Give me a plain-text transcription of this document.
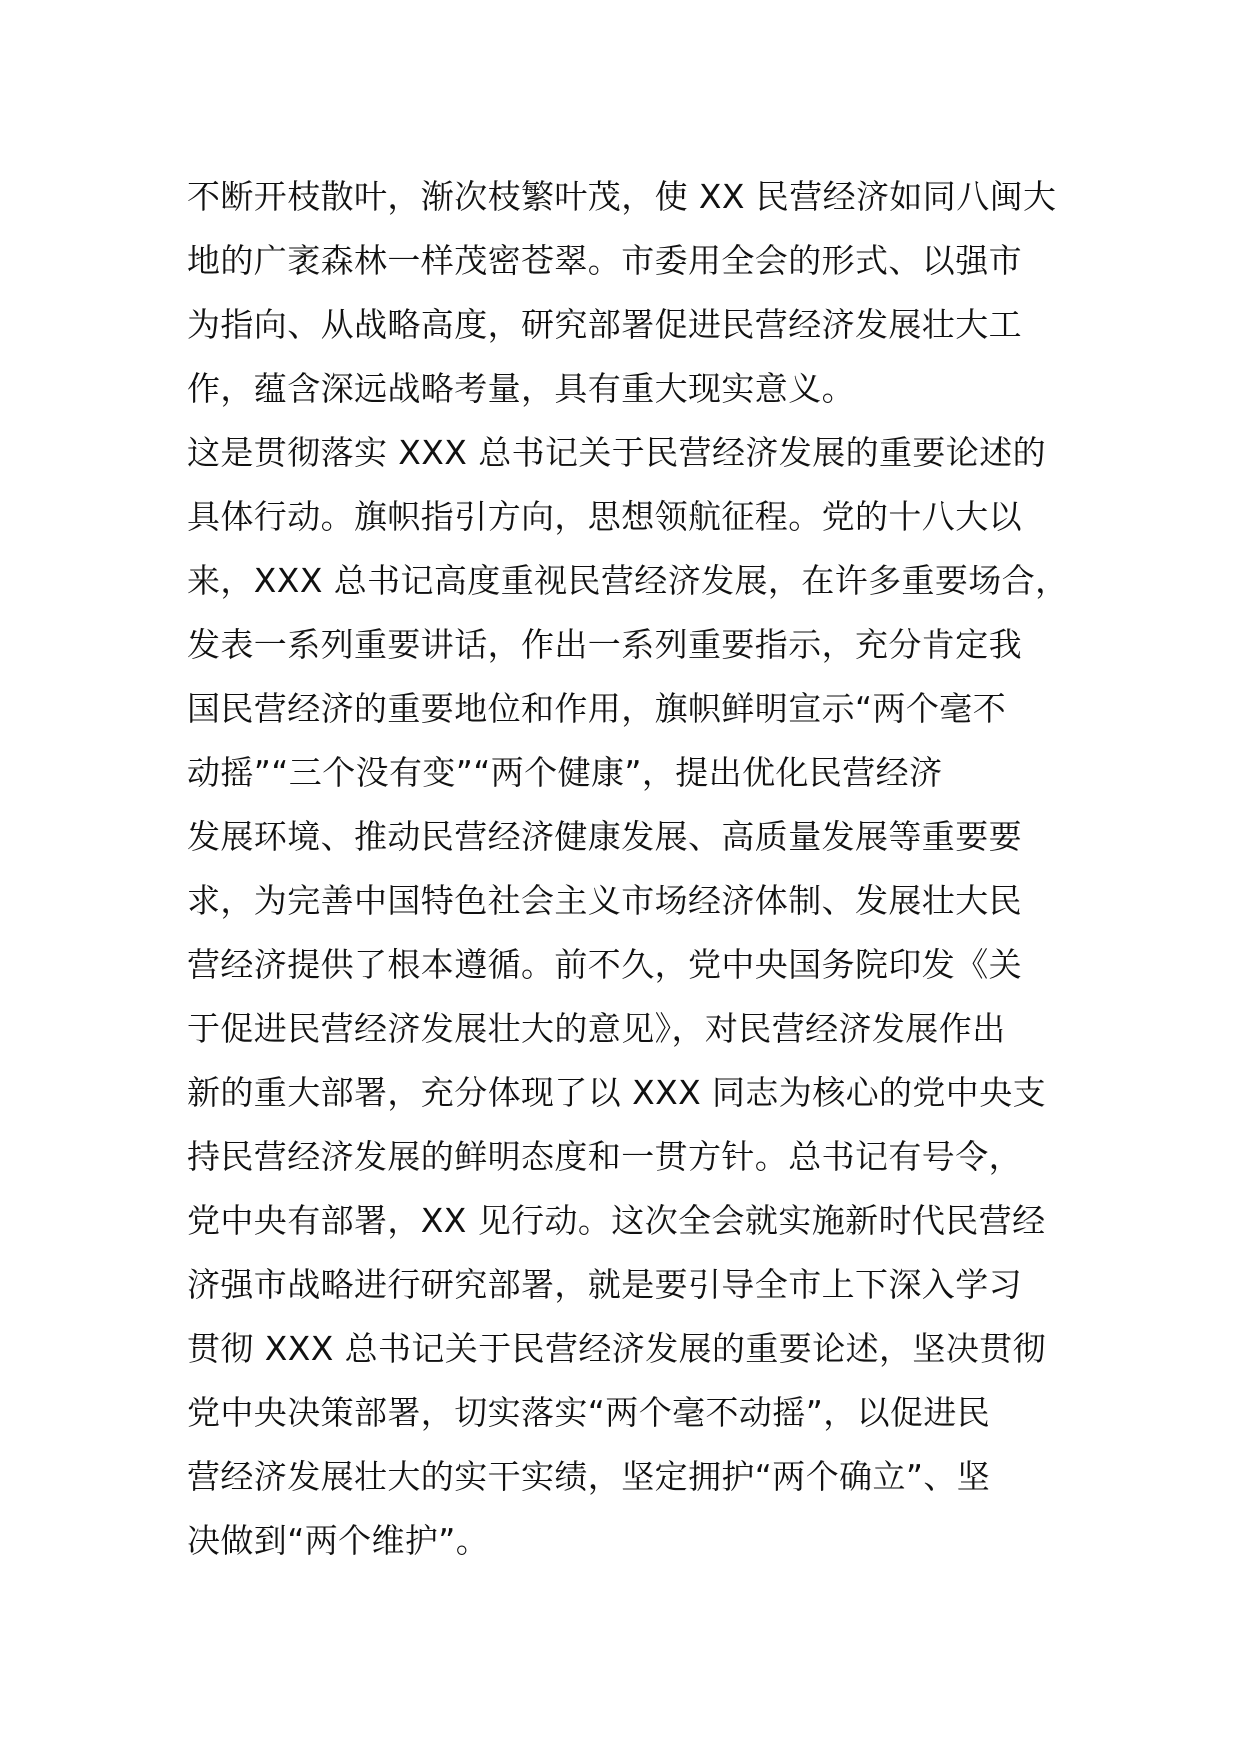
不断开枝散叶，渐次枝繁叶茂，使 XX 民营经济如同八闽大
地的广袤森林一样茂密苍翠。市委用全会的形式、以强市
为指向、从战略高度，研究部署促进民营经济发展壮大工
作，蕴含深远战略考量，具有重大现实意义。
这是贯彻落实 XXX 总书记关于民营经济发展的重要论述的
具体行动。旗帜指引方向，思想领航征程。党的十八大以
来，XXX 总书记高度重视民营经济发展，在许多重要场合，
发表一系列重要讲话，作出一系列重要指示，充分肯定我
国民营经济的重要地位和作用，旗帜鲜明宣示“两个毫不
动摇”“三个没有变”“两个健康”，提出优化民营经济
发展环境、推动民营经济健康发展、高质量发展等重要要
求，为完善中国特色社会主义市场经济体制、发展壮大民
营经济提供了根本遵循。前不久，党中央国务院印发《关
于促进民营经济发展壮大的意见》，对民营经济发展作出
新的重大部署，充分体现了以 XXX 同志为核心的党中央支
持民营经济发展的鲜明态度和一贯方针。总书记有号令，
党中央有部署，XX 见行动。这次全会就实施新时代民营经
济强市战略进行研究部署，就是要引导全市上下深入学习
贯彻 XXX 总书记关于民营经济发展的重要论述，坚决贯彻
党中央决策部署，切实落实“两个毫不动摇”，以促进民
营经济发展壮大的实干实绩，坚定拥护“两个确立”、坚
决做到“两个维护”。
